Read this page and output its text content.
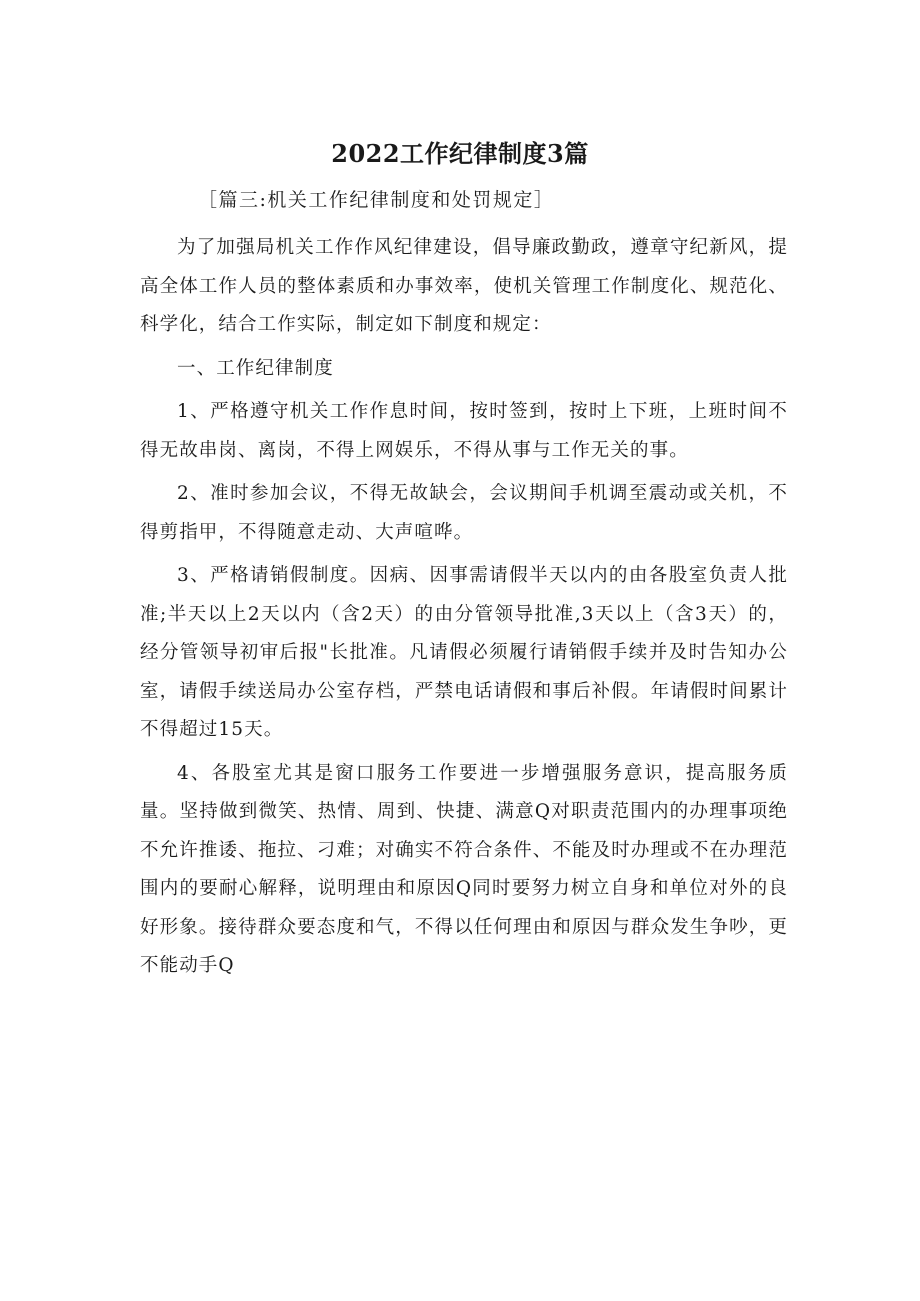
2022工作纪律制度3篇

［篇三:机关工作纪律制度和处罚规定］

为了加强局机关工作作风纪律建设，倡导廉政勤政，遵章守纪新风，提高全体工作人员的整体素质和办事效率，使机关管理工作制度化、规范化、科学化，结合工作实际，制定如下制度和规定：

一、工作纪律制度

1、严格遵守机关工作作息时间，按时签到，按时上下班，上班时间不得无故串岗、离岗，不得上网娱乐，不得从事与工作无关的事。

2、准时参加会议，不得无故缺会，会议期间手机调至震动或关机，不得剪指甲，不得随意走动、大声喧哗。

3、严格请销假制度。因病、因事需请假半天以内的由各股室负责人批准;半天以上2天以内（含2天）的由分管领导批准,3天以上（含3天）的，经分管领导初审后报"长批准。凡请假必须履行请销假手续并及时告知办公室，请假手续送局办公室存档，严禁电话请假和事后补假。年请假时间累计不得超过15天。

4、各股室尤其是窗口服务工作要进一步增强服务意识，提高服务质量。坚持做到微笑、热情、周到、快捷、满意Q对职责范围内的办理事项绝不允许推诿、拖拉、刁难；对确实不符合条件、不能及时办理或不在办理范围内的要耐心解释，说明理由和原因Q同时要努力树立自身和单位对外的良好形象。接待群众要态度和气，不得以任何理由和原因与群众发生争吵，更不能动手Q
